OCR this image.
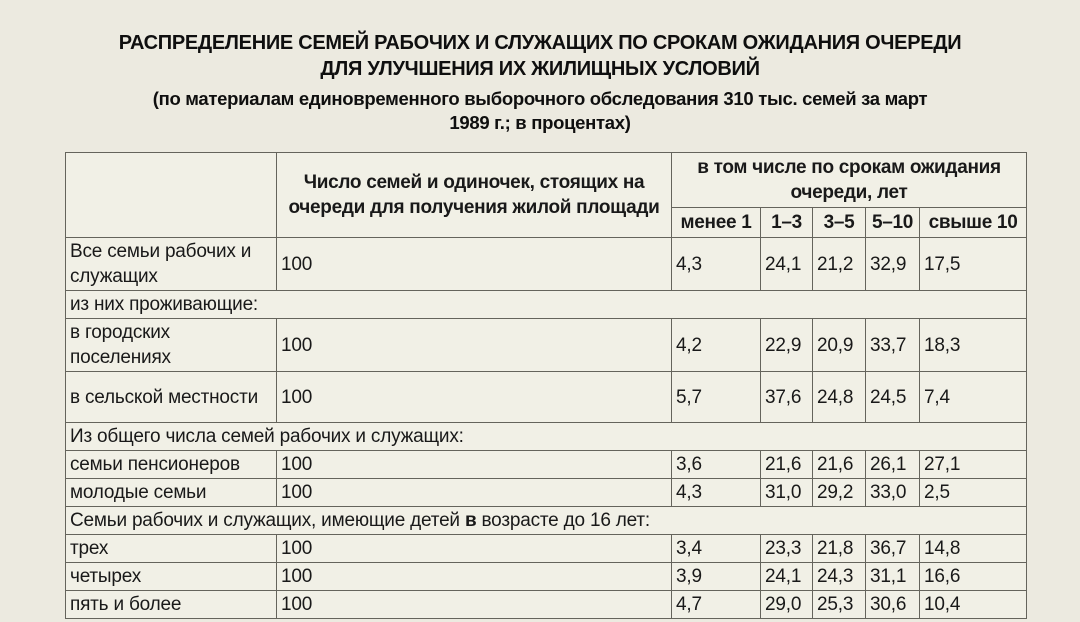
РАСПРЕДЕЛЕНИЕ СЕМЕЙ РАБОЧИХ И СЛУЖАЩИХ ПО СРОКАМ ОЖИДАНИЯ ОЧЕРЕДИ
ДЛЯ УЛУЧШЕНИЯ ИХ ЖИЛИЩНЫХ УСЛОВИЙ
(по материалам единовременного выборочного обследования 310 тыс. семей за март
1989 г.; в процентах)
	Число семей и одиночек, стоящих на очереди для получения жилой площади	в том числе по срокам ожидания очереди, лет				
		менее 1	1–3	3–5	5–10	свыше 10
Все семьи рабочих и служащих	100	4,3	24,1	21,2	32,9	17,5
из них проживающие:						
в городских поселениях	100	4,2	22,9	20,9	33,7	18,3
в сельской местности	100	5,7	37,6	24,8	24,5	7,4
Из общего числа семей рабочих и служащих:						
семьи пенсионеров	100	3,6	21,6	21,6	26,1	27,1
молодые семьи	100	4,3	31,0	29,2	33,0	2,5
Семьи рабочих и служащих, имеющие детей в возрасте до 16 лет:						
трех	100	3,4	23,3	21,8	36,7	14,8
четырех	100	3,9	24,1	24,3	31,1	16,6
пять и более	100	4,7	29,0	25,3	30,6	10,4
